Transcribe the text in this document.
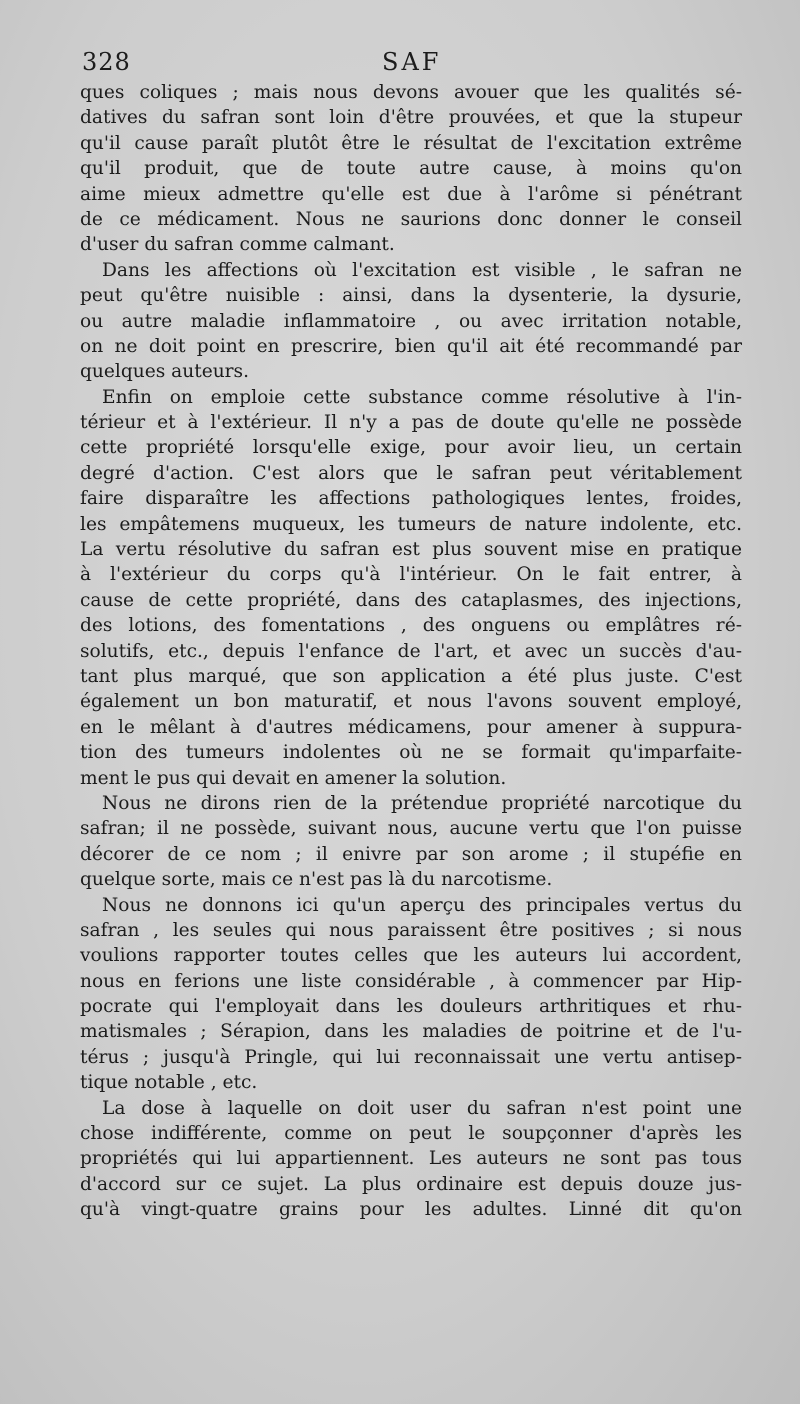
328	SAF
ques coliques ; mais nous devons avouer que les qualités sé-
datives du safran sont loin d'être prouvées, et que la stupeur
qu'il cause paraît plutôt être le résultat de l'excitation extrême
qu'il produit, que de toute autre cause, à moins qu'on
aime mieux admettre qu'elle est due à l'arôme si pénétrant
de ce médicament. Nous ne saurions donc donner le conseil
d'user du safran comme calmant.
Dans les affections où l'excitation est visible , le safran ne
peut qu'être nuisible : ainsi, dans la dysenterie, la dysurie,
ou autre maladie inflammatoire , ou avec irritation notable,
on ne doit point en prescrire, bien qu'il ait été recommandé par
quelques auteurs.
Enfin on emploie cette substance comme résolutive à l'in-
térieur et à l'extérieur. Il n'y a pas de doute qu'elle ne possède
cette propriété lorsqu'elle exige, pour avoir lieu, un certain
degré d'action. C'est alors que le safran peut véritablement
faire disparaître les affections pathologiques lentes, froides,
les empâtemens muqueux, les tumeurs de nature indolente, etc.
La vertu résolutive du safran est plus souvent mise en pratique
à l'extérieur du corps qu'à l'intérieur. On le fait entrer, à
cause de cette propriété, dans des cataplasmes, des injections,
des lotions, des fomentations , des onguens ou emplâtres ré-
solutifs, etc., depuis l'enfance de l'art, et avec un succès d'au-
tant plus marqué, que son application a été plus juste. C'est
également un bon maturatif, et nous l'avons souvent employé,
en le mêlant à d'autres médicamens, pour amener à suppura-
tion des tumeurs indolentes où ne se formait qu'imparfaite-
ment le pus qui devait en amener la solution.
Nous ne dirons rien de la prétendue propriété narcotique du
safran; il ne possède, suivant nous, aucune vertu que l'on puisse
décorer de ce nom ; il enivre par son arome ; il stupéfie en
quelque sorte, mais ce n'est pas là du narcotisme.
Nous ne donnons ici qu'un aperçu des principales vertus du
safran , les seules qui nous paraissent être positives ; si nous
voulions rapporter toutes celles que les auteurs lui accordent,
nous en ferions une liste considérable , à commencer par Hip-
pocrate qui l'employait dans les douleurs arthritiques et rhu-
matismales ; Sérapion, dans les maladies de poitrine et de l'u-
térus ; jusqu'à Pringle, qui lui reconnaissait une vertu antisep-
tique notable , etc.
La dose à laquelle on doit user du safran n'est point une
chose indifférente, comme on peut le soupçonner d'après les
propriétés qui lui appartiennent. Les auteurs ne sont pas tous
d'accord sur ce sujet. La plus ordinaire est depuis douze jus-
qu'à vingt-quatre grains pour les adultes. Linné dit qu'on
